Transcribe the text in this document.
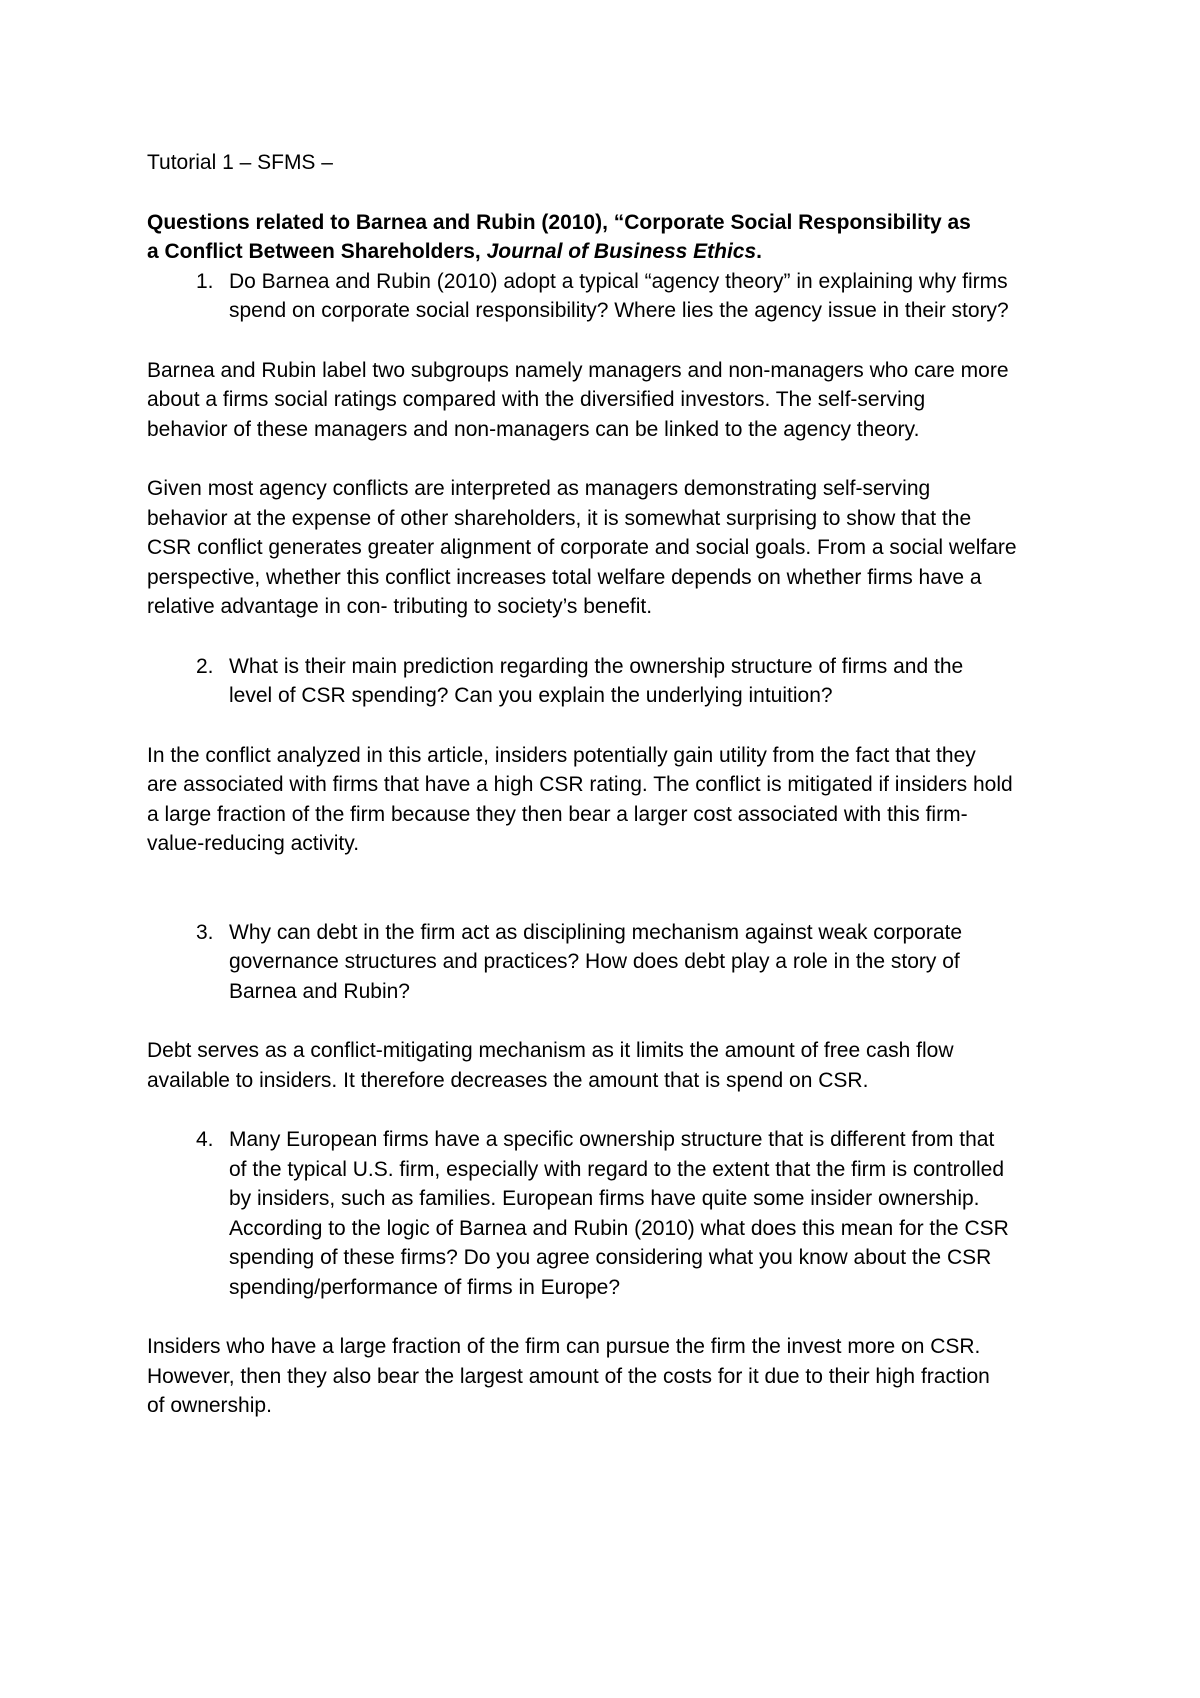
Tutorial 1 – SFMS –
Questions related to Barnea and Rubin (2010), “Corporate Social Responsibility as
a Conflict Between Shareholders, Journal of Business Ethics.
1. Do Barnea and Rubin (2010) adopt a typical “agency theory” in explaining why firms
spend on corporate social responsibility? Where lies the agency issue in their story?
Barnea and Rubin label two subgroups namely managers and non-managers who care more
about a firms social ratings compared with the diversified investors. The self-serving
behavior of these managers and non-managers can be linked to the agency theory.
Given most agency conflicts are interpreted as managers demonstrating self-serving
behavior at the expense of other shareholders, it is somewhat surprising to show that the
CSR conflict generates greater alignment of corporate and social goals. From a social welfare
perspective, whether this conflict increases total welfare depends on whether firms have a
relative advantage in con- tributing to society’s benefit.
2. What is their main prediction regarding the ownership structure of firms and the
level of CSR spending? Can you explain the underlying intuition?
In the conflict analyzed in this article, insiders potentially gain utility from the fact that they
are associated with firms that have a high CSR rating. The conflict is mitigated if insiders hold
a large fraction of the firm because they then bear a larger cost associated with this firm-
value-reducing activity.
3. Why can debt in the firm act as disciplining mechanism against weak corporate
governance structures and practices? How does debt play a role in the story of
Barnea and Rubin?
Debt serves as a conflict-mitigating mechanism as it limits the amount of free cash flow
available to insiders. It therefore decreases the amount that is spend on CSR.
4. Many European firms have a specific ownership structure that is different from that
of the typical U.S. firm, especially with regard to the extent that the firm is controlled
by insiders, such as families. European firms have quite some insider ownership.
According to the logic of Barnea and Rubin (2010) what does this mean for the CSR
spending of these firms? Do you agree considering what you know about the CSR
spending/performance of firms in Europe?
Insiders who have a large fraction of the firm can pursue the firm the invest more on CSR.
However, then they also bear the largest amount of the costs for it due to their high fraction
of ownership.
